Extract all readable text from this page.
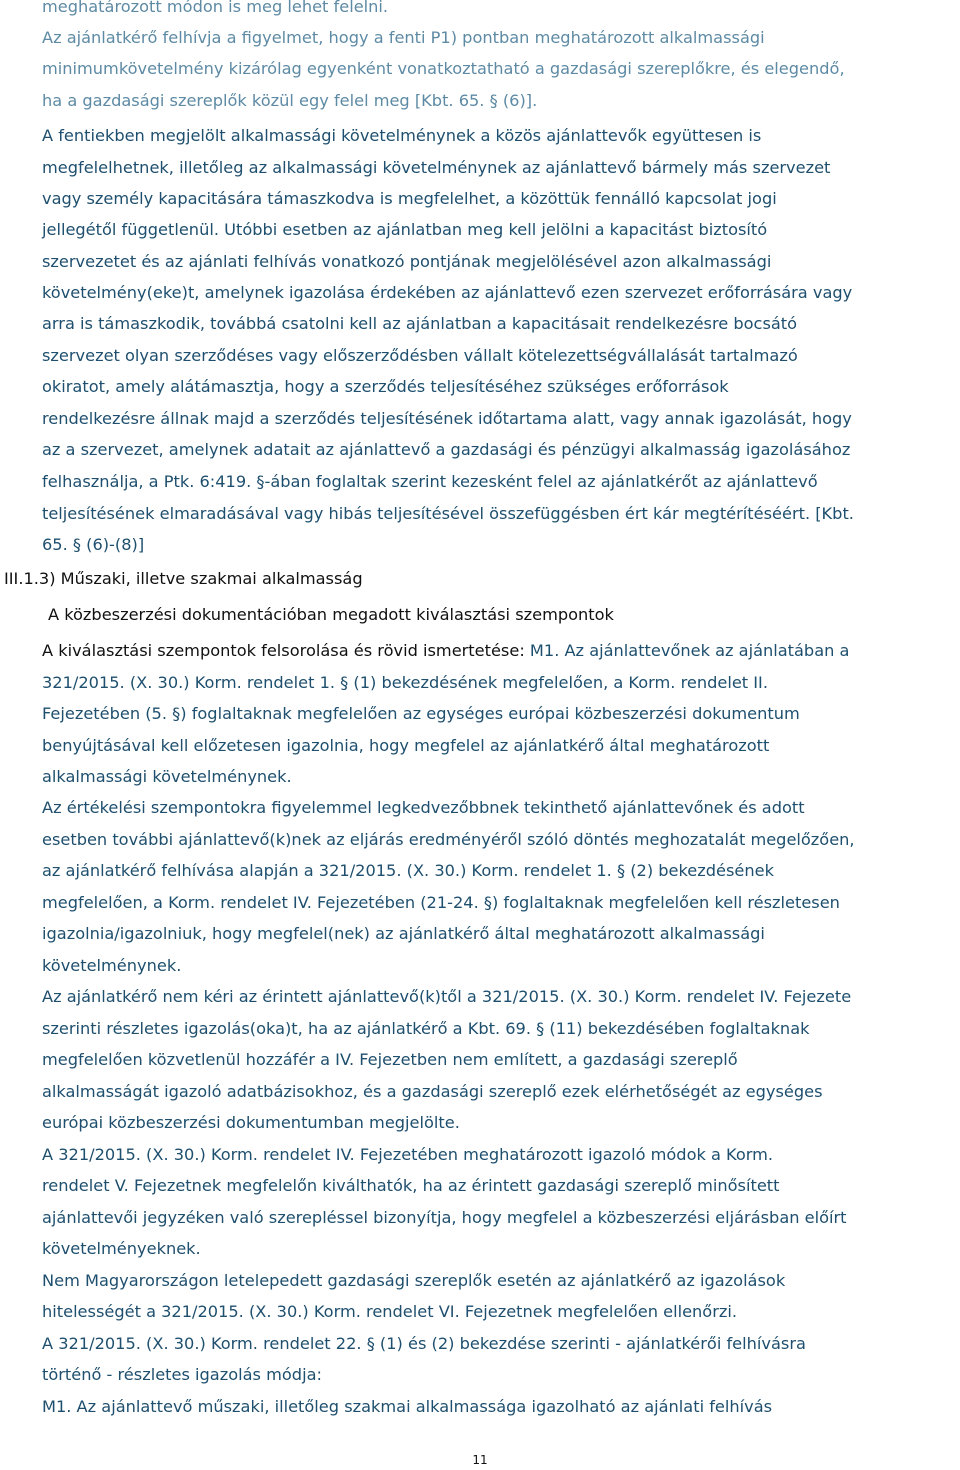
meghatározott módon is meg lehet felelni.
Az ajánlatkérő felhívja a figyelmet, hogy a fenti P1) pontban meghatározott alkalmassági
minimumkövetelmény kizárólag egyenként vonatkoztatható a gazdasági szereplőkre, és elegendő,
ha a gazdasági szereplők közül egy felel meg [Kbt. 65. § (6)].
A fentiekben megjelölt alkalmassági követelménynek a közös ajánlattevők együttesen is
megfelelhetnek, illetőleg az alkalmassági követelménynek az ajánlattevő bármely más szervezet
vagy személy kapacitására támaszkodva is megfelelhet, a közöttük fennálló kapcsolat jogi
jellegétől függetlenül. Utóbbi esetben az ajánlatban meg kell jelölni a kapacitást biztosító
szervezetet és az ajánlati felhívás vonatkozó pontjának megjelölésével azon alkalmassági
követelmény(eke)t, amelynek igazolása érdekében az ajánlattevő ezen szervezet erőforrására vagy
arra is támaszkodik, továbbá csatolni kell az ajánlatban a kapacitásait rendelkezésre bocsátó
szervezet olyan szerződéses vagy előszerződésben vállalt kötelezettségvállalását tartalmazó
okiratot, amely alátámasztja, hogy a szerződés teljesítéséhez szükséges erőforrások
rendelkezésre állnak majd a szerződés teljesítésének időtartama alatt, vagy annak igazolását, hogy
az a szervezet, amelynek adatait az ajánlattevő a gazdasági és pénzügyi alkalmasság igazolásához
felhasználja, a Ptk. 6:419. §-ában foglaltak szerint kezesként felel az ajánlatkérőt az ajánlattevő
teljesítésének elmaradásával vagy hibás teljesítésével összefüggésben ért kár megtérítéséért. [Kbt.
65. § (6)-(8)]
III.1.3) Műszaki, illetve szakmai alkalmasság
A közbeszerzési dokumentációban megadott kiválasztási szempontok
A kiválasztási szempontok felsorolása és rövid ismertetése: M1. Az ajánlattevőnek az ajánlatában a
321/2015. (X. 30.) Korm. rendelet 1. § (1) bekezdésének megfelelően, a Korm. rendelet II.
Fejezetében (5. §) foglaltaknak megfelelően az egységes európai közbeszerzési dokumentum
benyújtásával kell előzetesen igazolnia, hogy megfelel az ajánlatkérő által meghatározott
alkalmassági követelménynek.
Az értékelési szempontokra figyelemmel legkedvezőbbnek tekinthető ajánlattevőnek és adott
esetben további ajánlattevő(k)nek az eljárás eredményéről szóló döntés meghozatalát megelőzően,
az ajánlatkérő felhívása alapján a 321/2015. (X. 30.) Korm. rendelet 1. § (2) bekezdésének
megfelelően, a Korm. rendelet IV. Fejezetében (21-24. §) foglaltaknak megfelelően kell részletesen
igazolnia/igazolniuk, hogy megfelel(nek) az ajánlatkérő által meghatározott alkalmassági
követelménynek.
Az ajánlatkérő nem kéri az érintett ajánlattevő(k)től a 321/2015. (X. 30.) Korm. rendelet IV. Fejezete
szerinti részletes igazolás(oka)t, ha az ajánlatkérő a Kbt. 69. § (11) bekezdésében foglaltaknak
megfelelően közvetlenül hozzáfér a IV. Fejezetben nem említett, a gazdasági szereplő
alkalmasságát igazoló adatbázisokhoz, és a gazdasági szereplő ezek elérhetőségét az egységes
európai közbeszerzési dokumentumban megjelölte.
A 321/2015. (X. 30.) Korm. rendelet IV. Fejezetében meghatározott igazoló módok a Korm.
rendelet V. Fejezetnek megfelelőn kiválthatók, ha az érintett gazdasági szereplő minősített
ajánlattevői jegyzéken való szerepléssel bizonyítja, hogy megfelel a közbeszerzési eljárásban előírt
követelményeknek.
Nem Magyarországon letelepedett gazdasági szereplők esetén az ajánlatkérő az igazolások
hitelességét a 321/2015. (X. 30.) Korm. rendelet VI. Fejezetnek megfelelően ellenőrzi.
A 321/2015. (X. 30.) Korm. rendelet 22. § (1) és (2) bekezdése szerinti - ajánlatkérői felhívásra
történő - részletes igazolás módja:
M1. Az ajánlattevő műszaki, illetőleg szakmai alkalmassága igazolható az ajánlati felhívás
11
